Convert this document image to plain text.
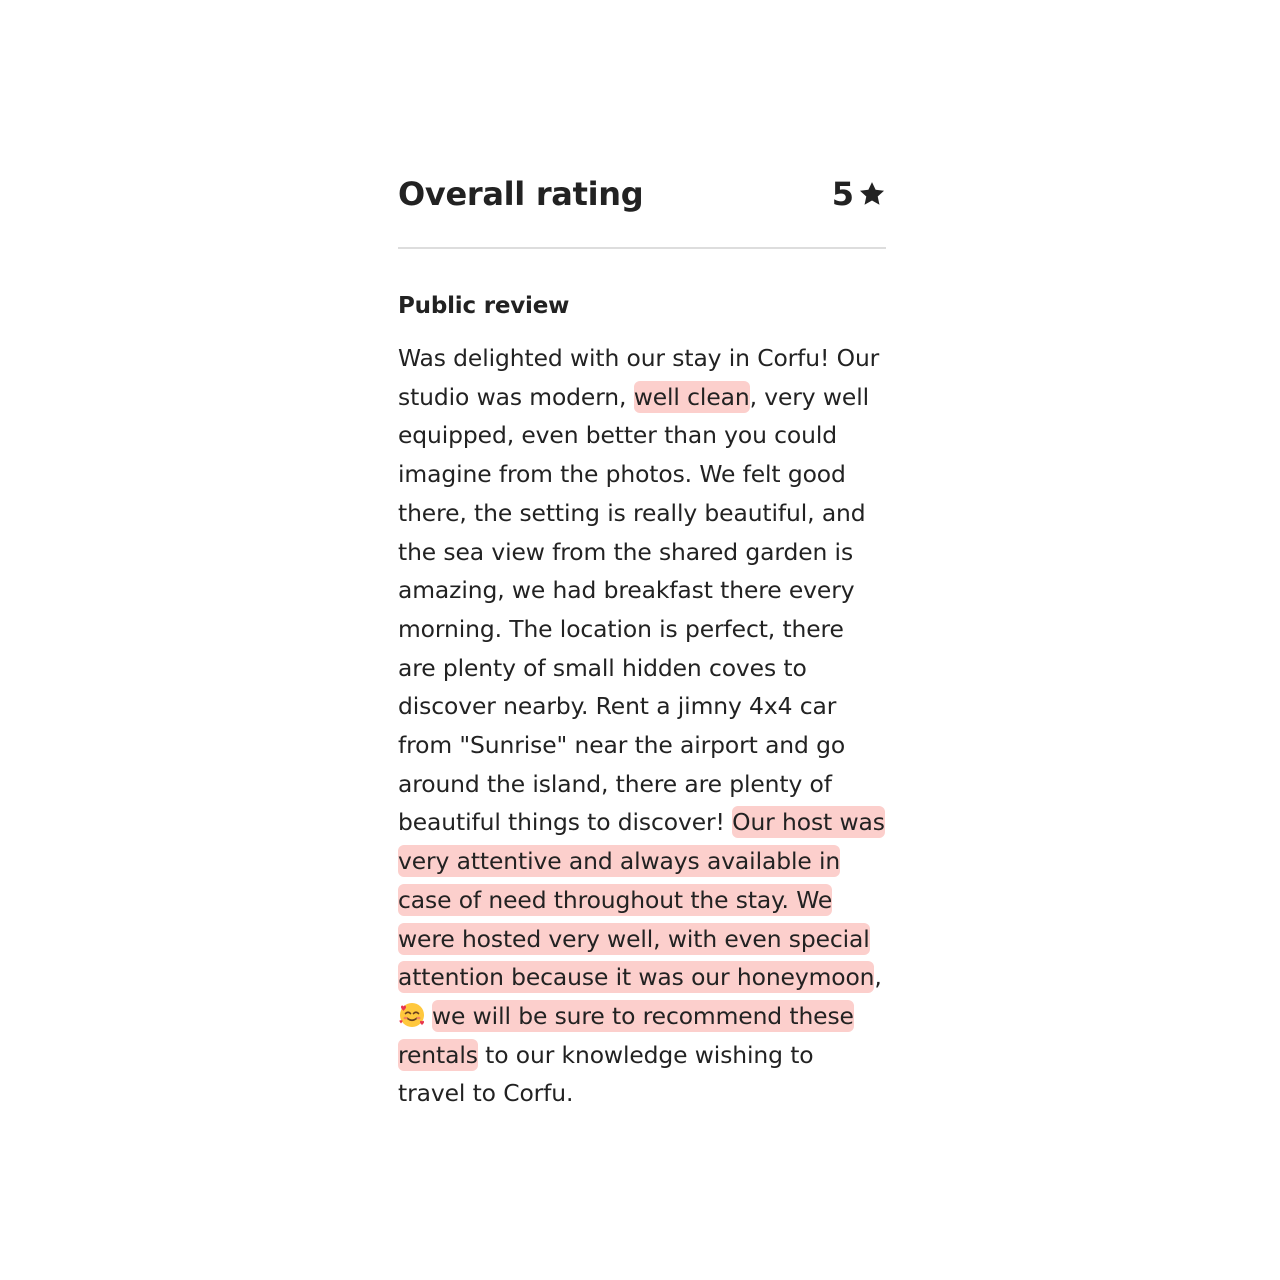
Overall rating	5
Public review
Was delighted with our stay in Corfu! Our studio was modern, well clean, very well equipped, even better than you could imagine from the photos. We felt good there, the setting is really beautiful, and the sea view from the shared garden is amazing, we had breakfast there every morning. The location is perfect, there are plenty of small hidden coves to discover nearby. Rent a jimny 4x4 car from "Sunrise" near the airport and go around the island, there are plenty of beautiful things to discover! Our host was very attentive and always available in case of need throughout the stay. We were hosted very well, with even special attention because it was our honeymoon,
we will be sure to recommend these rentals to our knowledge wishing to travel to Corfu.
